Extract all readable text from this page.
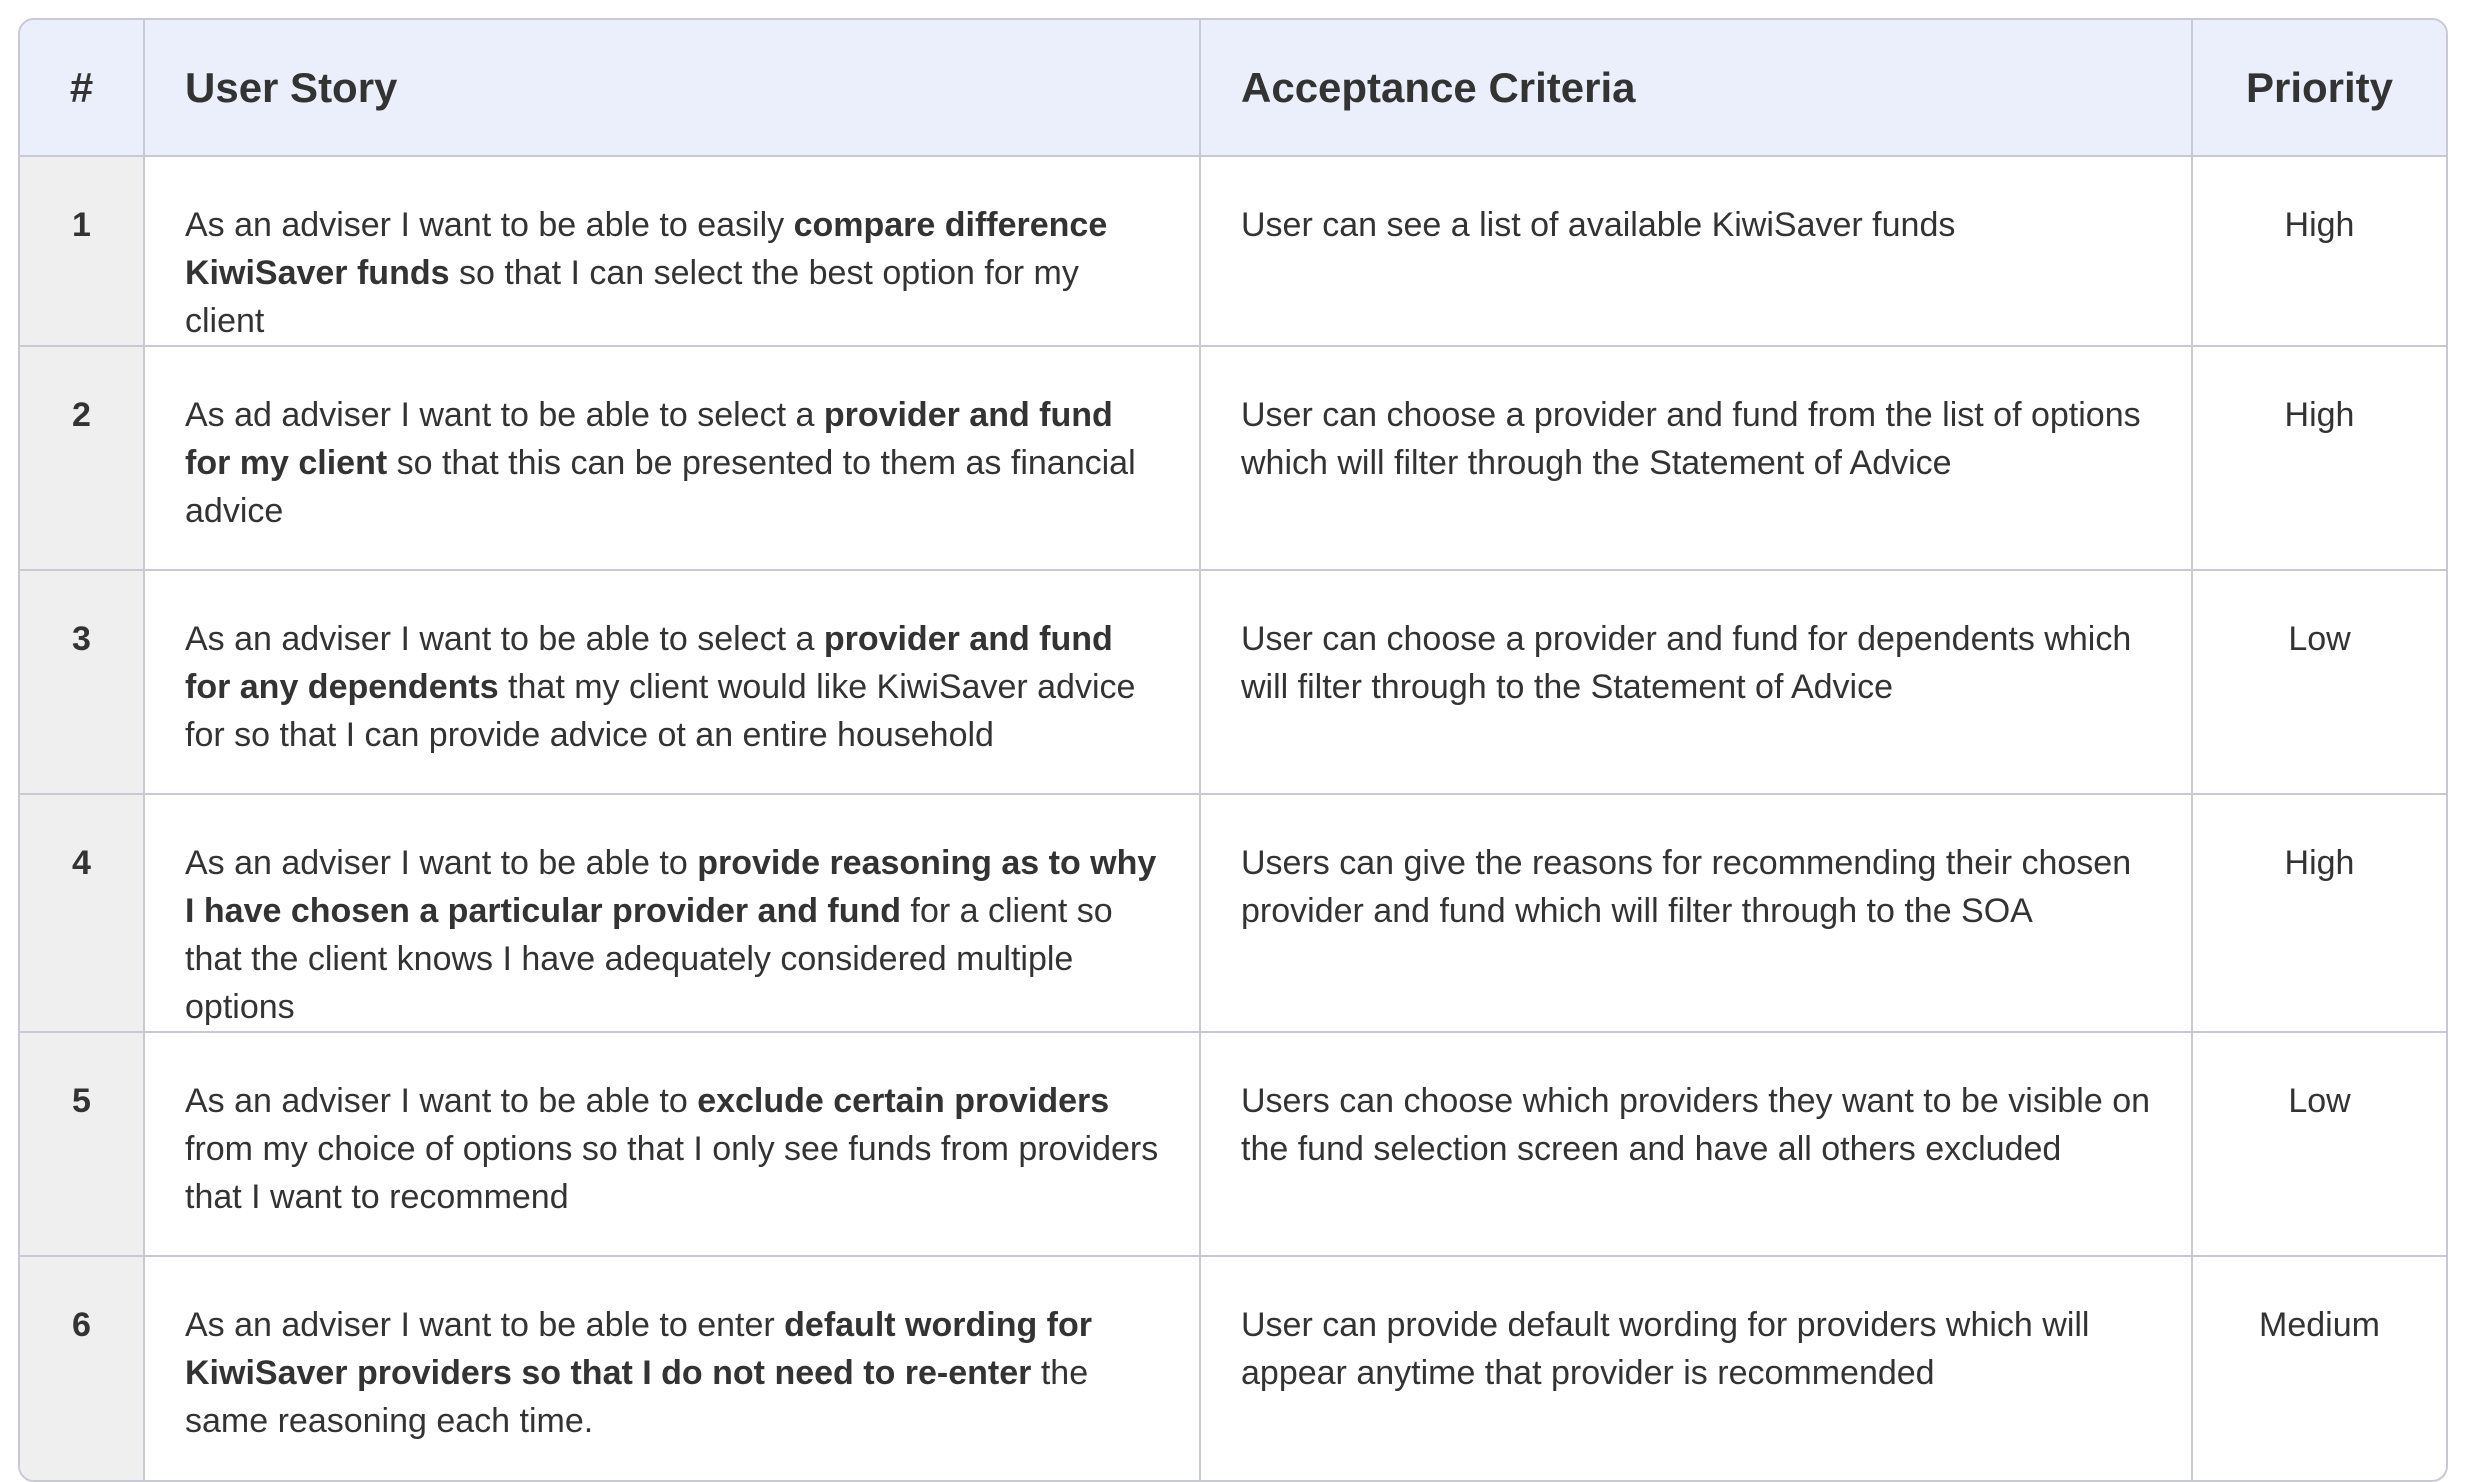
#	User Story	Acceptance Criteria	Priority
1	As an adviser I want to be able to easily compare difference KiwiSaver funds so that I can select the best option for my client	User can see a list of available KiwiSaver funds	High
2	As ad adviser I want to be able to select a provider and fund for my client so that this can be presented to them as financial advice	User can choose a provider and fund from the list of options which will filter through the Statement of Advice	High
3	As an adviser I want to be able to select a provider and fund for any dependents that my client would like KiwiSaver advice for so that I can provide advice ot an entire household	User can choose a provider and fund for dependents which will filter through to the Statement of Advice	Low
4	As an adviser I want to be able to provide reasoning as to why I have chosen a particular provider and fund for a client so that the client knows I have adequately considered multiple options	Users can give the reasons for recommending their chosen provider and fund which will filter through to the SOA	High
5	As an adviser I want to be able to exclude certain providers from my choice of options so that I only see funds from providers that I want to recommend	Users can choose which providers they want to be visible on the fund selection screen and have all others excluded	Low
6	As an adviser I want to be able to enter default wording for KiwiSaver providers so that I do not need to re-enter the same reasoning each time.	User can provide default wording for providers which will appear anytime that provider is recommended	Medium
